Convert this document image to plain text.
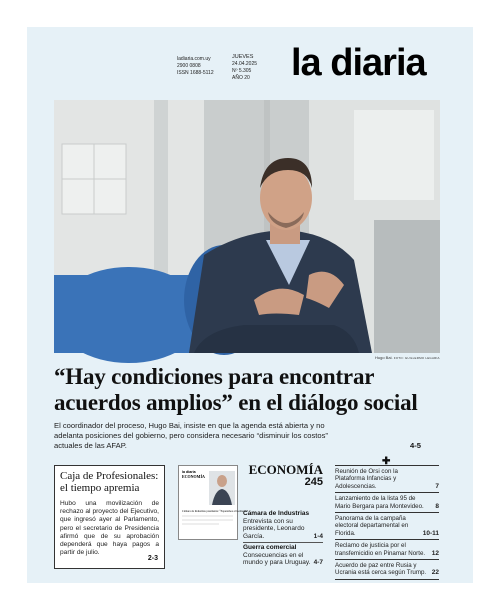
ladiaria.com.uy
2900 0808
ISSN 1688-5112
JUEVES
24.04.2025
Nº 5.305
AÑO 20 la diaria
Hugo Bai. FOTO: GUILLERMO LEGARIA
“Hay condiciones para encontrar acuerdos amplios” en el diálogo social

El coordinador del proceso, Hugo Bai, insiste en que la agenda está abierta y no adelanta posiciones del gobierno, pero considera necesario “disminuir los costos” actuales de las AFAP.	4-5
Caja de Profesionales: el tiempo apremia

Hubo una movilización de rechazo al proyecto del Ejecutivo, que ingresó ayer al Parlamento, pero el secretario de Presidencia afirmó que de su aprobación dependerá que haya pagos a partir de julio.

2-3
la diaria
ECONOMÍA
Cámara de Industrias presidente: “Esperamos al Gobierno”
ECONOMÍA
245
Cámara de Industrias
Entrevista con su presidente, Leonardo García.	1-4
Guerra comercial
Consecuencias en el mundo y para Uruguay. 4-7
✚
Reunión de Orsi con la Plataforma Infancias y Adolescencias.	7
Lanzamiento de la lista 95 de Mario Bergara para Montevideo. 8
Panorama de la campaña electoral departamental en Florida.	10-11
Reclamo de justicia por el transfemicidio en Pinamar Norte. 12
Acuerdo de paz entre Rusia y Ucrania está cerca según Trump. 22
